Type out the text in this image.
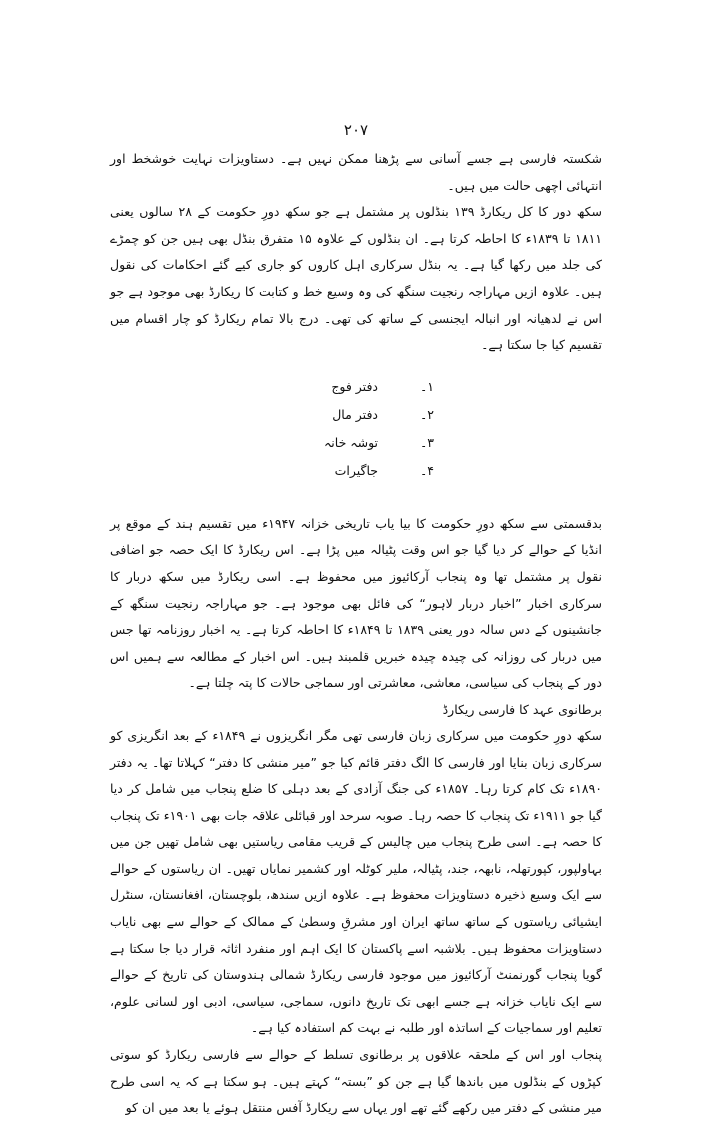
۲۰۷

شکستہ فارسی ہے جسے آسانی سے پڑھنا ممکن نہیں ہے۔ دستاویزات نہایت خوشخط اور انتہائی اچھی حالت میں ہیں۔

سکھ دور کا کل ریکارڈ ۱۳۹ بنڈلوں پر مشتمل ہے جو سکھ دورِ حکومت کے ۲۸ سالوں یعنی ۱۸۱۱ تا ۱۸۳۹ء کا احاطہ کرتا ہے۔ ان بنڈلوں کے علاوہ ۱۵ متفرق بنڈل بھی ہیں جن کو چمڑے کی جلد میں رکھا گیا ہے۔ یہ بنڈل سرکاری اہل کاروں کو جاری کیے گئے احکامات کی نقول ہیں۔ علاوہ ازیں مہاراجہ رنجیت سنگھ کی وہ وسیع خط و کتابت کا ریکارڈ بھی موجود ہے جو اس نے لدھیانہ اور انبالہ ایجنسی کے ساتھ کی تھی۔ درج بالا تمام ریکارڈ کو چار اقسام میں تقسیم کیا جا سکتا ہے۔

۱۔
دفتر فوج
۲۔
دفتر مال
۳۔
توشہ خانہ
۴۔
جاگیرات

بدقسمتی سے سکھ دورِ حکومت کا بیا یاب تاریخی خزانہ ۱۹۴۷ء میں تقسیم ہند کے موقع پر انڈیا کے حوالے کر دیا گیا جو اس وقت پٹیالہ میں پڑا ہے۔ اس ریکارڈ کا ایک حصہ جو اضافی نقول پر مشتمل تھا وہ پنجاب آرکائیوز میں محفوظ ہے۔ اسی ریکارڈ میں سکھ دربار کا سرکاری اخبار ”اخبار دربار لاہور“ کی فائل بھی موجود ہے۔ جو مہاراجہ رنجیت سنگھ کے جانشینوں کے دس سالہ دور یعنی ۱۸۳۹ تا ۱۸۴۹ء کا احاطہ کرتا ہے۔ یہ اخبار روزنامہ تھا جس میں دربار کی روزانہ کی چیدہ چیدہ خبریں قلمبند ہیں۔ اس اخبار کے مطالعہ سے ہمیں اس دور کے پنجاب کی سیاسی، معاشی، معاشرتی اور سماجی حالات کا پتہ چلتا ہے۔

برطانوی عہد کا فارسی ریکارڈ

سکھ دورِ حکومت میں سرکاری زبان فارسی تھی مگر انگریزوں نے ۱۸۴۹ء کے بعد انگریزی کو سرکاری زبان بنایا اور فارسی کا الگ دفتر قائم کیا جو ”میر منشی کا دفتر“ کہلاتا تھا۔ یہ دفتر ۱۸۹۰ء تک کام کرتا رہا۔ ۱۸۵۷ء کی جنگ آزادی کے بعد دہلی کا ضلع پنجاب میں شامل کر دیا گیا جو ۱۹۱۱ء تک پنجاب کا حصہ رہا۔ صوبہ سرحد اور قبائلی علاقہ جات بھی ۱۹۰۱ء تک پنجاب کا حصہ ہے۔ اسی طرح پنجاب میں چالیس کے قریب مقامی ریاستیں بھی شامل تھیں جن میں بہاولپور، کپورتھلہ، نابھہ، جند، پٹیالہ، ملیر کوٹلہ اور کشمیر نمایاں تھیں۔ ان ریاستوں کے حوالے سے ایک وسیع ذخیرہ دستاویزات محفوظ ہے۔ علاوہ ازیں سندھ، بلوچستان، افغانستان، سنٹرل ایشیائی ریاستوں کے ساتھ ساتھ ایران اور مشرقِ وسطیٰ کے ممالک کے حوالے سے بھی نایاب دستاویزات محفوظ ہیں۔ بلاشبہ اسے پاکستان کا ایک اہم اور منفرد اثاثہ قرار دیا جا سکتا ہے گویا پنجاب گورنمنٹ آرکائیوز میں موجود فارسی ریکارڈ شمالی ہندوستان کی تاریخ کے حوالے سے ایک نایاب خزانہ ہے جسے ابھی تک تاریخ دانوں، سماجی، سیاسی، ادبی اور لسانی علوم، تعلیم اور سماجیات کے اساتذہ اور طلبہ نے بہت کم استفادہ کیا ہے۔

پنجاب اور اس کے ملحقہ علاقوں پر برطانوی تسلط کے حوالے سے فارسی ریکارڈ کو سوتی کپڑوں کے بنڈلوں میں باندھا گیا ہے جن کو ”بستہ“ کہتے ہیں۔ ہو سکتا ہے کہ یہ اسی طرح میر منشی کے دفتر میں رکھے گئے تھے اور یہاں سے ریکارڈ آفس منتقل ہوئے یا بعد میں ان کو
